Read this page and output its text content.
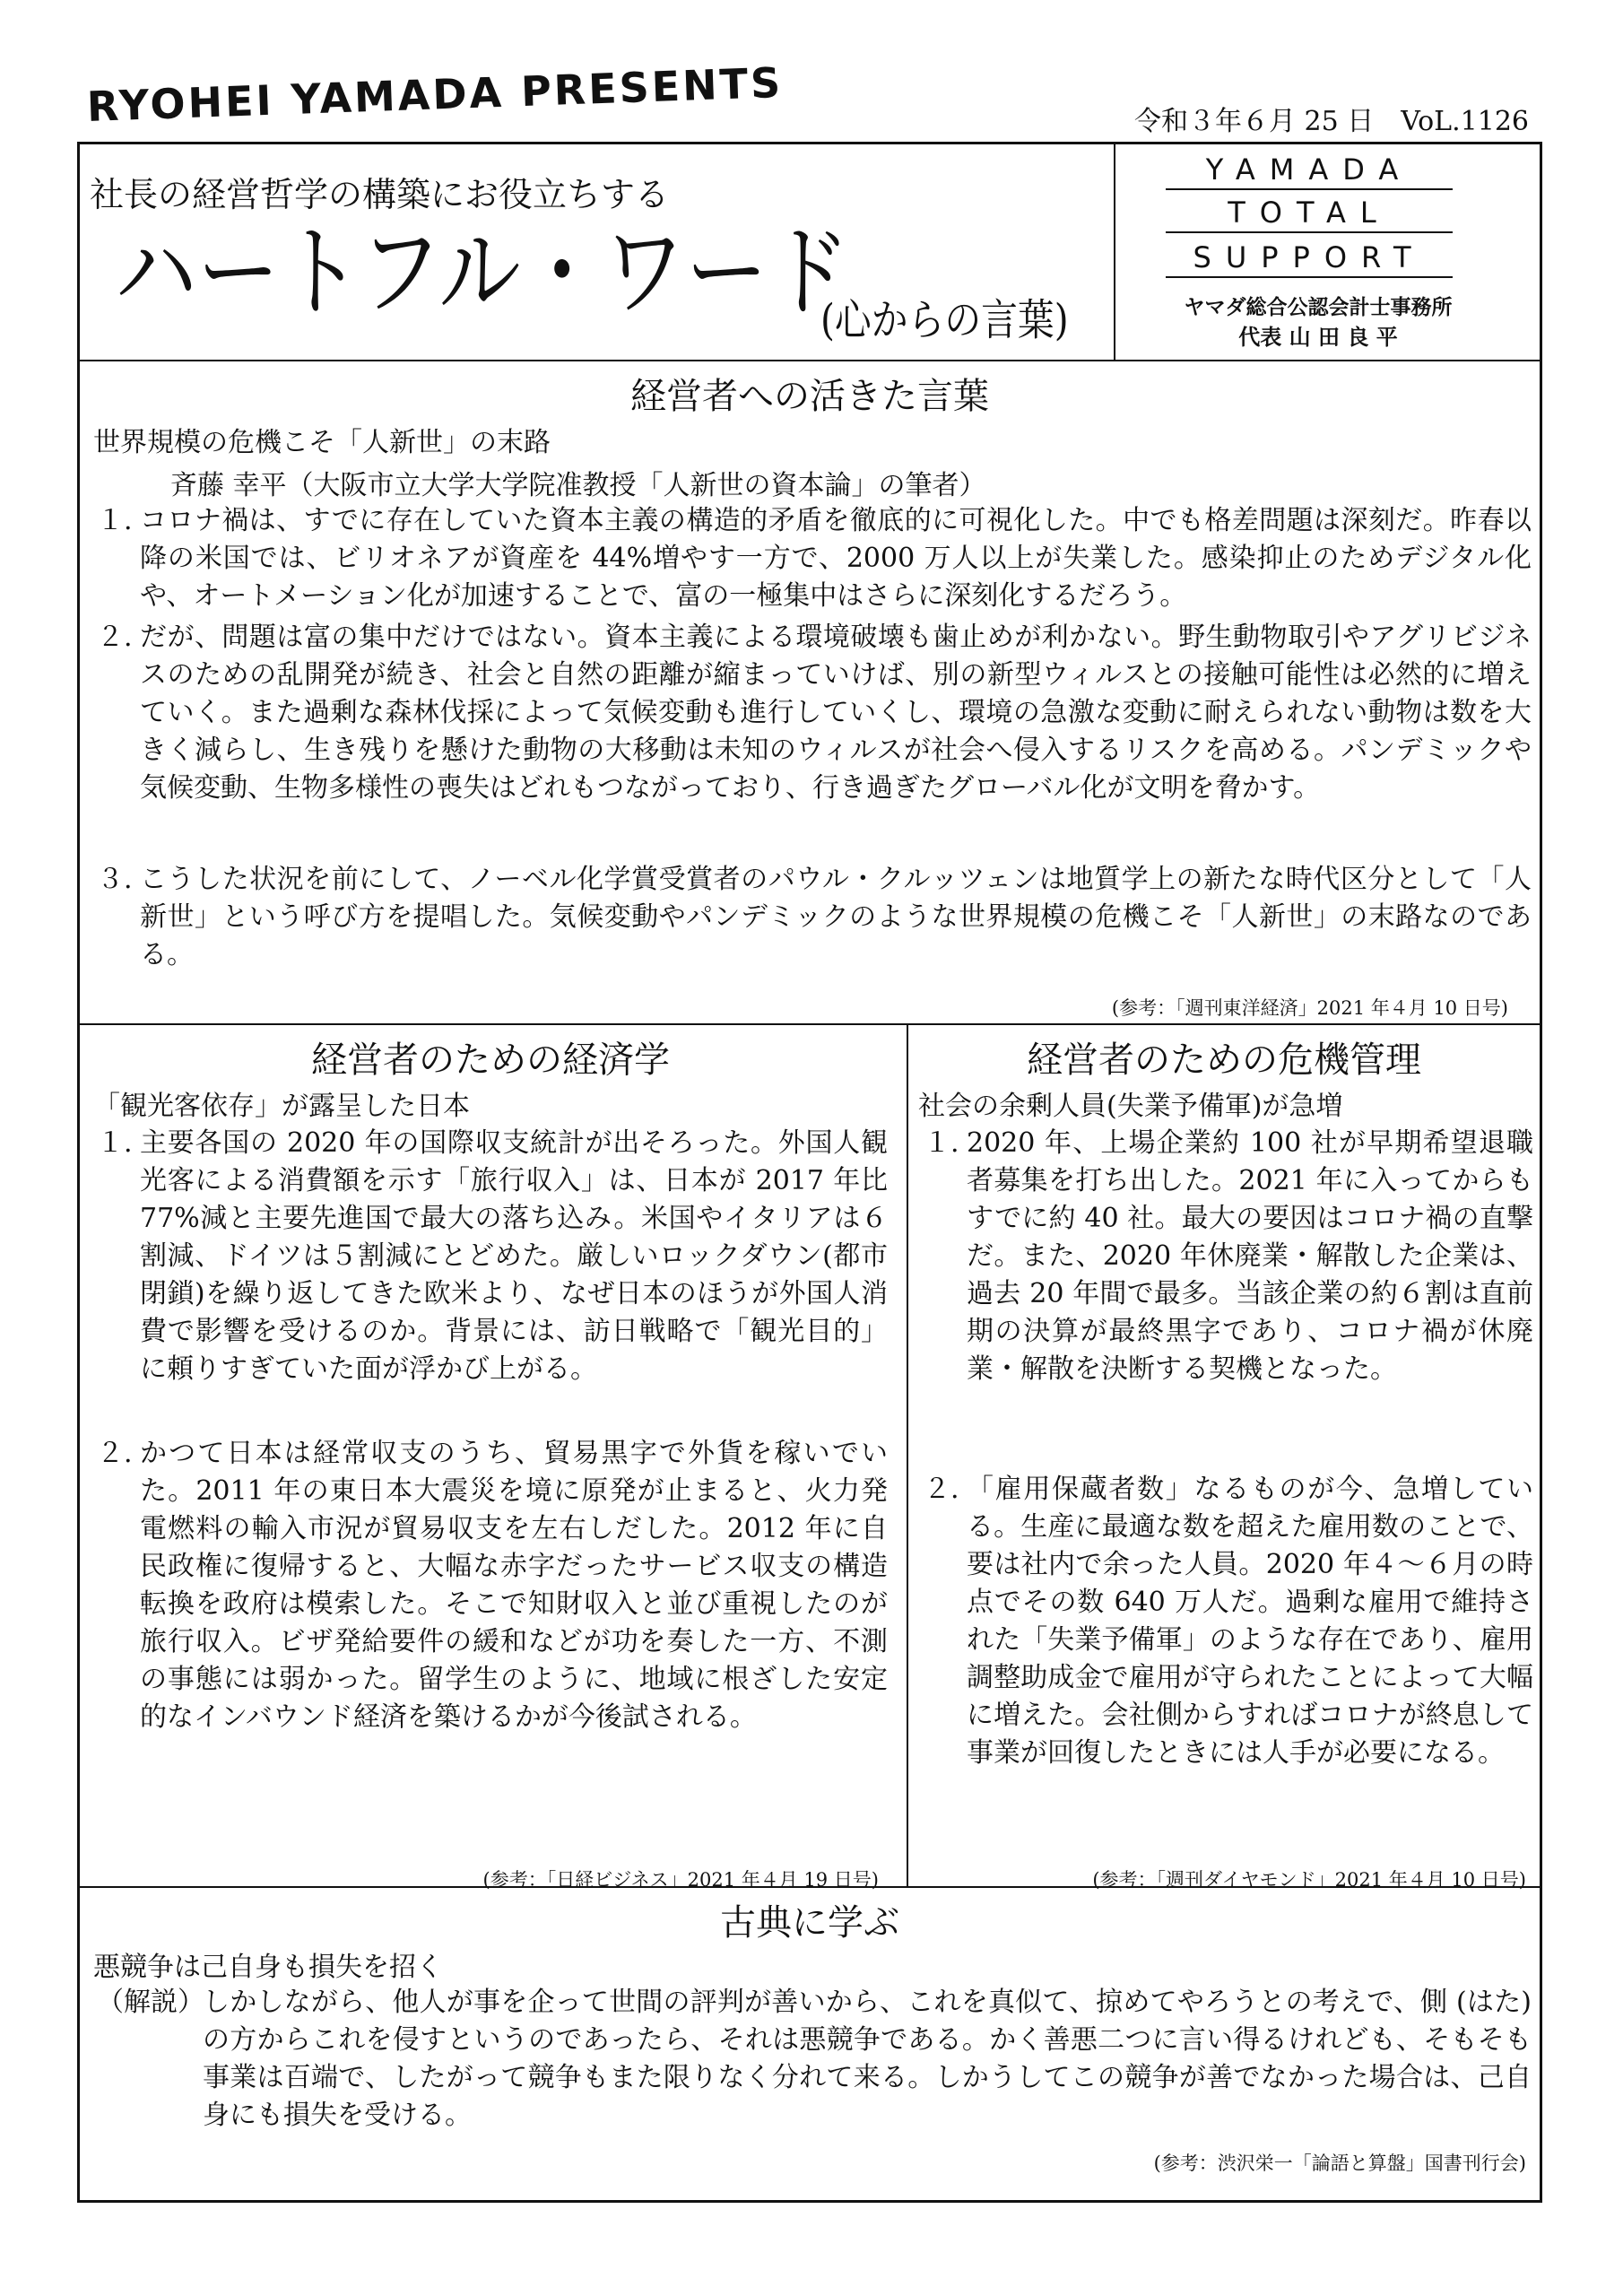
RYOHEI YAMADA PRESENTS	令和３年６月 25 日　VoL.1126
社長の経営哲学の構築にお役立ちする
ハートフル・ワード
(心からの言葉)
YAMADA
TOTAL
SUPPORT
ヤマダ総合公認会計士事務所
代表 山 田 良 平
経営者への活きた言葉
世界規模の危機こそ「人新世」の末路
斉藤 幸平（大阪市立大学大学院准教授「人新世の資本論」の筆者）
１. コロナ禍は、すでに存在していた資本主義の構造的矛盾を徹底的に可視化した。中でも格差問題は深刻だ。昨春以降の米国では、ビリオネアが資産を 44%増やす一方で、2000 万人以上が失業した。感染抑止のためデジタル化や、オートメーション化が加速することで、富の一極集中はさらに深刻化するだろう。
２. だが、問題は富の集中だけではない。資本主義による環境破壊も歯止めが利かない。野生動物取引やアグリビジネスのための乱開発が続き、社会と自然の距離が縮まっていけば、別の新型ウィルスとの接触可能性は必然的に増えていく。また過剰な森林伐採によって気候変動も進行していくし、環境の急激な変動に耐えられない動物は数を大きく減らし、生き残りを懸けた動物の大移動は未知のウィルスが社会へ侵入するリスクを高める。パンデミックや気候変動、生物多様性の喪失はどれもつながっており、行き過ぎたグローバル化が文明を脅かす。
３. こうした状況を前にして、ノーベル化学賞受賞者のパウル・クルッツェンは地質学上の新たな時代区分として「人新世」という呼び方を提唱した。気候変動やパンデミックのような世界規模の危機こそ「人新世」の末路なのである。
(参考：「週刊東洋経済」2021 年４月 10 日号)
経営者のための経済学
「観光客依存」が露呈した日本
１. 主要各国の 2020 年の国際収支統計が出そろった。外国人観光客による消費額を示す「旅行収入」は、日本が 2017 年比 77%減と主要先進国で最大の落ち込み。米国やイタリアは６割減、ドイツは５割減にとどめた。厳しいロックダウン(都市閉鎖)を繰り返してきた欧米より、なぜ日本のほうが外国人消費で影響を受けるのか。背景には、訪日戦略で「観光目的」に頼りすぎていた面が浮かび上がる。
２. かつて日本は経常収支のうち、貿易黒字で外貨を稼いでいた。2011 年の東日本大震災を境に原発が止まると、火力発電燃料の輸入市況が貿易収支を左右しだした。2012 年に自民政権に復帰すると、大幅な赤字だったサービス収支の構造転換を政府は模索した。そこで知財収入と並び重視したのが旅行収入。ビザ発給要件の緩和などが功を奏した一方、不測の事態には弱かった。留学生のように、地域に根ざした安定的なインバウンド経済を築けるかが今後試される。
(参考：「日経ビジネス」2021 年４月 19 日号)
経営者のための危機管理
社会の余剰人員(失業予備軍)が急増
１. 2020 年、上場企業約 100 社が早期希望退職者募集を打ち出した。2021 年に入ってからもすでに約 40 社。最大の要因はコロナ禍の直撃だ。また、2020 年休廃業・解散した企業は、過去 20 年間で最多。当該企業の約６割は直前期の決算が最終黒字であり、コロナ禍が休廃業・解散を決断する契機となった。
２. 「雇用保蔵者数」なるものが今、急増している。生産に最適な数を超えた雇用数のことで、要は社内で余った人員。2020 年４～６月の時点でその数 640 万人だ。過剰な雇用で維持された「失業予備軍」のような存在であり、雇用調整助成金で雇用が守られたことによって大幅に増えた。会社側からすればコロナが終息して事業が回復したときには人手が必要になる。
(参考：「週刊ダイヤモンド」2021 年４月 10 日号)
古典に学ぶ
悪競争は己自身も損失を招く
（解説）
しかしながら、他人が事を企って世間の評判が善いから、これを真似て、掠めてやろうとの考えで、側 (はた) の方からこれを侵すというのであったら、それは悪競争である。かく善悪二つに言い得るけれども、そもそも事業は百端で、したがって競争もまた限りなく分れて来る。しかうしてこの競争が善でなかった場合は、己自身にも損失を受ける。
(参考：渋沢栄一「論語と算盤」国書刊行会)
